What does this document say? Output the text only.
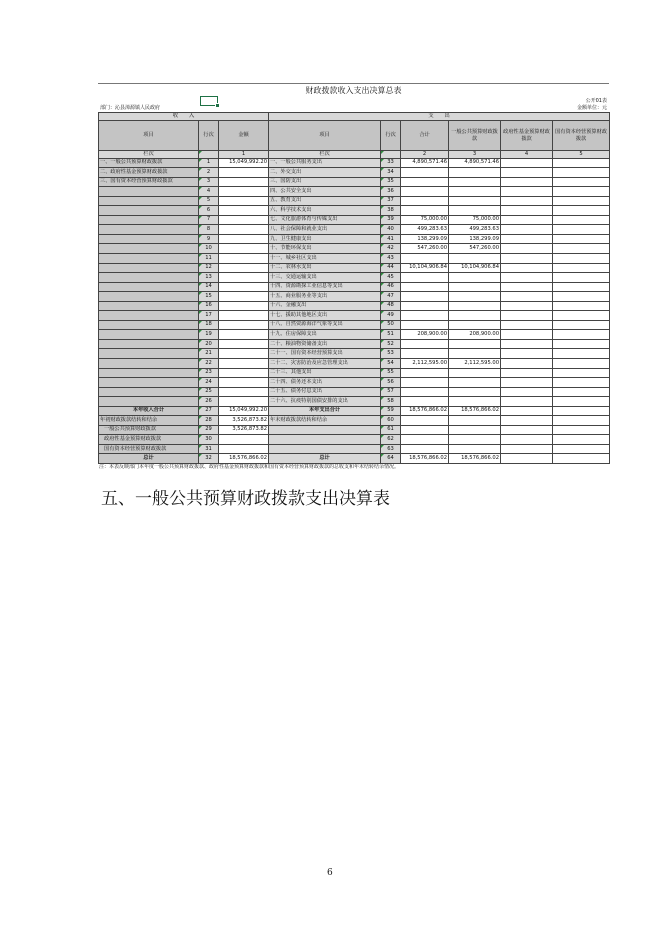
财政拨款收入支出决算总表
公开01表
部门：沁县漳源镇人民政府	金额单位：元
收　　入			支　　出					
项目	行次	金额	项目	行次	合计	一般公共预算财政拨款	政府性基金预算财政拨款	国有资本经营预算财政拨款
栏次		1	栏次		2	3	4	5
一、一般公共预算财政拨款	1	15,049,992.20	一、一般公共服务支出	33	4,890,571.46	4,890,571.46		
二、政府性基金预算财政拨款	2		二、外交支出	34				
三、国有资本经营预算财政拨款	3		三、国防支出	35				
	4		四、公共安全支出	36				
	5		五、教育支出	37				
	6		六、科学技术支出	38				
	7		七、文化旅游体育与传媒支出	39	75,000.00	75,000.00		
	8		八、社会保障和就业支出	40	499,283.63	499,283.63		
	9		九、卫生健康支出	41	138,299.09	138,299.09		
	10		十、节能环保支出	42	547,260.00	547,260.00		
	11		十一、城乡社区支出	43				
	12		十二、农林水支出	44	10,104,906.84	10,104,906.84		
	13		十三、交通运输支出	45				
	14		十四、资源勘探工业信息等支出	46				
	15		十五、商业服务业等支出	47				
	16		十六、金融支出	48				
	17		十七、援助其他地区支出	49				
	18		十八、自然资源海洋气象等支出	50				
	19		十九、住房保障支出	51	208,900.00	208,900.00		
	20		二十、粮油物资储备支出	52				
	21		二十一、国有资本经营预算支出	53				
	22		二十二、灾害防治及应急管理支出	54	2,112,595.00	2,112,595.00		
	23		二十三、其他支出	55				
	24		二十四、债务还本支出	56				
	25		二十五、债务付息支出	57				
	26		二十六、抗疫特别国债安排的支出	58				
本年收入合计	27	15,049,992.20	本年支出合计	59	18,576,866.02	18,576,866.02		
年初财政拨款结转和结余	28	3,526,873.82	年末财政拨款结转和结余	60				
一般公共预算财政拨款	29	3,526,873.82		61				
政府性基金预算财政拨款	30			62				
国有资本经营预算财政拨款	31			63				
总计	32	18,576,866.02	总计	64	18,576,866.02	18,576,866.02		
注：本表反映部门本年度一般公共预算财政拨款、政府性基金预算财政拨款和国有资本经营预算财政拨款的总收支和年末结转结余情况。
五、一般公共预算财政拨款支出决算表
6
